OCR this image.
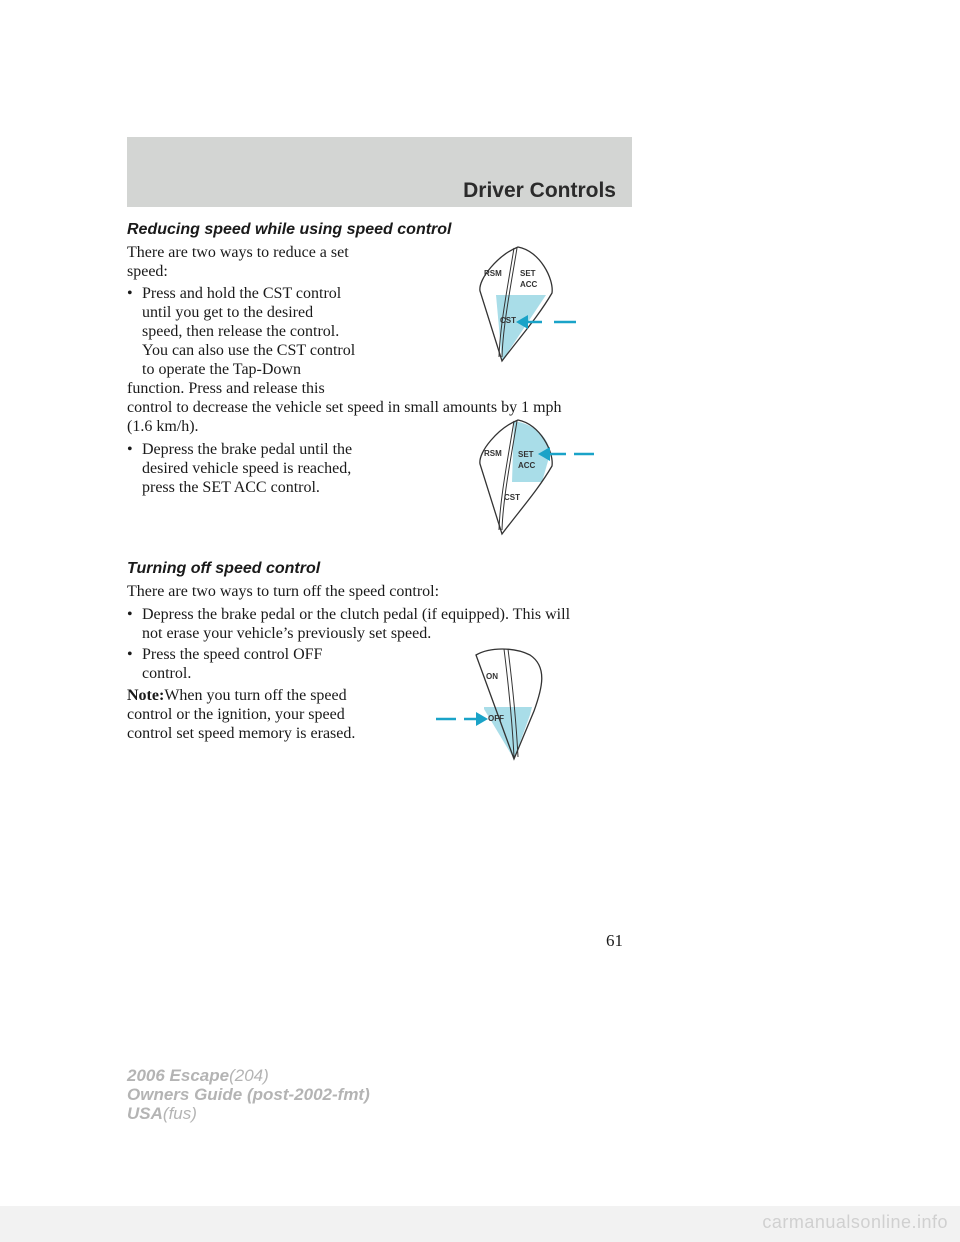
Driver Controls
Reducing speed while using speed control
There are two ways to reduce a set
speed:
• Press and hold the CST control
until you get to the desired
speed, then release the control.
You can also use the CST control
to operate the Tap-Down
function. Press and release this
control to decrease the vehicle set speed in small amounts by 1 mph
(1.6 km/h).
• Depress the brake pedal until the
desired vehicle speed is reached,
press the SET ACC control.
RSM SET
ACC
CST
RSM SET
ACC
CST
Turning off speed control
There are two ways to turn off the speed control:
• Depress the brake pedal or the clutch pedal (if equipped). This will
not erase your vehicle’s previously set speed.
• Press the speed control OFF
control.
Note:When you turn off the speed
control or the ignition, your speed
control set speed memory is erased.
ON
OFF
61
2006 Escape(204)
Owners Guide (post-2002-fmt)
USA(fus)
carmanualsonline.info
